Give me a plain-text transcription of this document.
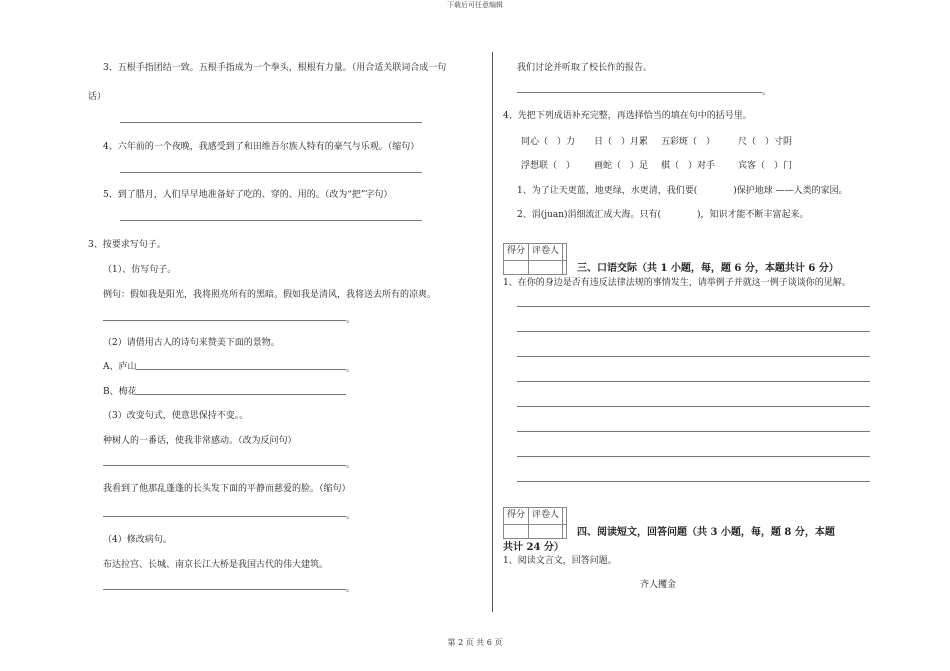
下载后可任意编辑
3、五根手指团结一致。五根手指成为一个拳头，根根有力量。（用合适关联词合成一句
话）
4、六年前的一个夜晚，我感受到了和田维吾尔族人特有的豪气与乐观。（缩句）
5、到了腊月，人们早早地准备好了吃的、穿的、用的。（改为“把”字句）
3、按要求写句子。
（1）、仿写句子。
例句：假如我是阳光，我将照亮所有的黑暗。假如我是清风，我将送去所有的凉爽。
。
（2）请借用古人的诗句来赞美下面的景物。
A、庐山	。
B、梅花
（3）改变句式，使意思保持不变。。
种树人的一番话，使我非常感动。（改为反问句）
。
我看到了他那乱蓬蓬的长头发下面的平静而慈爱的脸。（缩句）
。
（4）修改病句。
布达拉宫、长城、南京长江大桥是我国古代的伟大建筑。
。
我们讨论并听取了校长作的报告。
。
4、先把下列成语补充完整，再选择恰当的填在句中的括号里。
同心（　）力 日（　）月累 五彩斑（　）	尺（　）寸阴
浮想联（　） 画蛇（　）足 棋（　）对手	宾客（　）门
1、为了让天更蓝，地更绿，水更清，我们要(　　　　)保护地球 ——人类的家园。
2、涓(juan)涓细流汇成大海。只有(　　　　)，知识才能不断丰富起来。
得分 评卷人
三、口语交际（共 1 小题，每，题 6 分，本题共计 6 分）
1、在你的身边是否有违反法律法规的事情发生，请举例子并就这一例子谈谈你的见解。
得分 评卷人
四、阅读短文，回答问题（共 3 小题，每，题 8 分，本题
共计 24 分）
1、阅读文言文，回答问题。
齐人攫金
第 2 页 共 6 页
